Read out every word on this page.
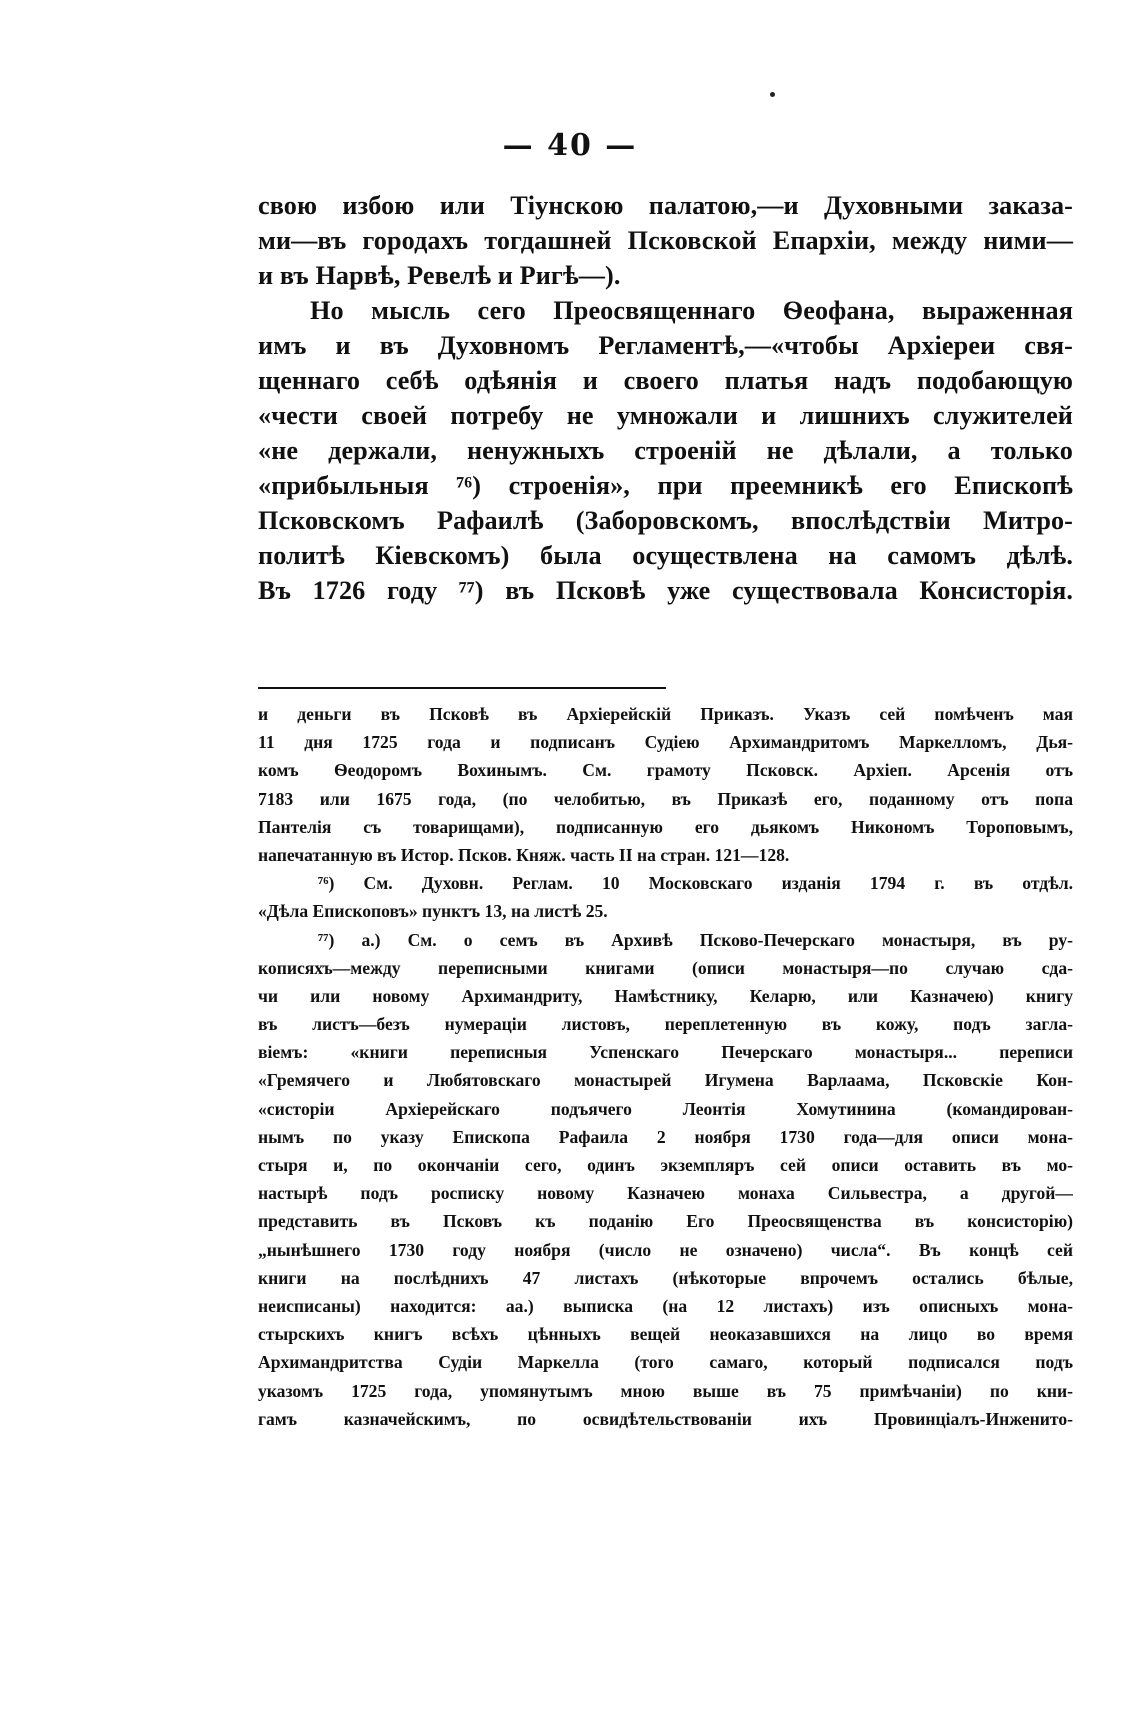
— 40 —
свою избою или Тіунскою палатою,—и Духовными заказа-
ми—въ городахъ тогдашней Псковской Епархіи, между ними—
и въ Нарвѣ, Ревелѣ и Ригѣ—).
Но мысль сего Преосвященнаго Ѳеофана, выраженная
имъ и въ Духовномъ Регламентѣ,—«чтобы Архіереи свя-
щеннаго себѣ одѣянія и своего платья надъ подобающую
«чести своей потребу не умножали и лишнихъ служителей
«не держали, ненужныхъ строеній не дѣлали, а только
«прибыльныя ⁷⁶) строенія», при преемникѣ его Епископѣ
Псковскомъ Рафаилѣ (Заборовскомъ, впослѣдствіи Митро-
политѣ Кіевскомъ) была осуществлена на самомъ дѣлѣ.
Въ 1726 году ⁷⁷) въ Псковѣ уже существовала Консисторія.
и деньги въ Псковѣ въ Архіерейскій Приказъ. Указъ сей помѣченъ мая
11 дня 1725 года и подписанъ Судіею Архимандритомъ Маркелломъ, Дья-
комъ Ѳеодоромъ Вохинымъ. См. грамоту Псковск. Архіеп. Арсенія отъ
7183 или 1675 года, (по челобитью, въ Приказѣ его, поданному отъ попа
Пантелія съ товарищами), подписанную его дьякомъ Никономъ Тороповымъ,
напечатанную въ Истор. Псков. Княж. часть II на стран. 121—128.
⁷⁶) См. Духовн. Реглам. 10 Московскаго изданія 1794 г. въ отдѣл.
«Дѣла Епископовъ» пунктъ 13, на листѣ 25.
⁷⁷) а.) См. о семъ въ Архивѣ Псково-Печерскаго монастыря, въ ру-
кописяхъ—между переписными книгами (описи монастыря—по случаю сда-
чи или новому Архимандриту, Намѣстнику, Келарю, или Казначею) книгу
въ листъ—безъ нумераціи листовъ, переплетенную въ кожу, подъ загла-
віемъ: «книги переписныя Успенскаго Печерскаго монастыря... переписи
«Гремячего и Любятовскаго монастырей Игумена Варлаама, Псковскіе Кон-
«систоріи Архіерейскаго подъячего Леонтія Хомутинина (командирован-
нымъ по указу Епископа Рафаила 2 ноября 1730 года—для описи мона-
стыря и, по окончаніи сего, одинъ экземпляръ сей описи оставить въ мо-
настырѣ подъ росписку новому Казначею монаха Сильвестра, а другой—
представить въ Псковъ къ поданію Его Преосвященства въ консисторію)
„нынѣшнего 1730 году ноября (число не означено) числа“. Въ концѣ сей
книги на послѣднихъ 47 листахъ (нѣкоторые впрочемъ остались бѣлые,
неисписаны) находится: аа.) выписка (на 12 листахъ) изъ описныхъ мона-
стырскихъ книгъ всѣхъ цѣнныхъ вещей неоказавшихся на лицо во время
Архимандритства Судіи Маркелла (того самаго, который подписался подъ
указомъ 1725 года, упомянутымъ мною выше въ 75 примѣчаніи) по кни-
гамъ казначейскимъ, по освидѣтельствованіи ихъ Провинціалъ-Инженито-
